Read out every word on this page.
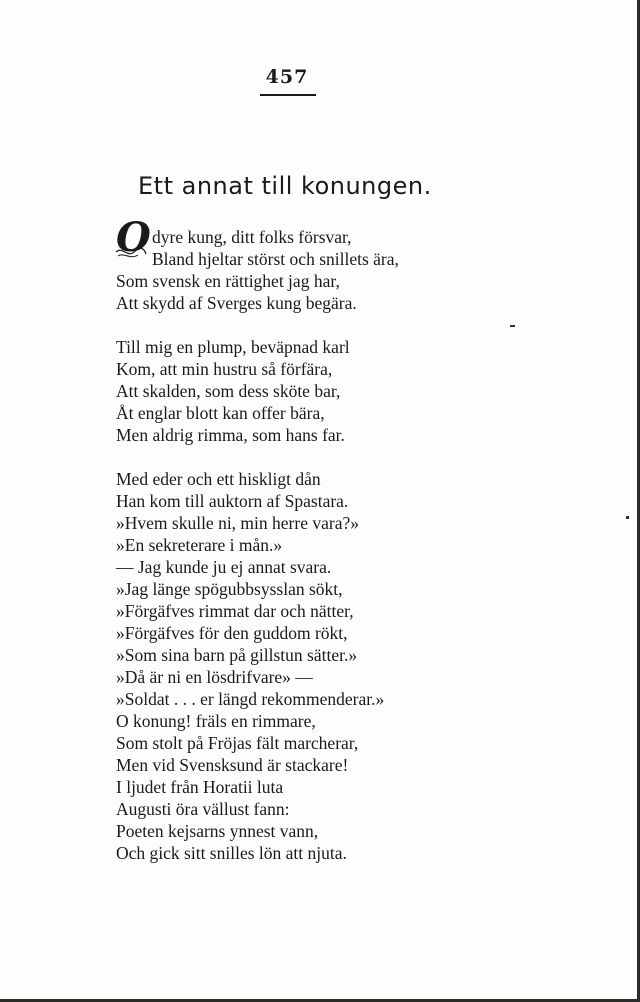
457
Ett annat till konungen.
O dyre kung, ditt folks försvar,
Bland hjeltar störst och snillets ära,
Som svensk en rättighet jag har,
Att skydd af Sverges kung begära.
Till mig en plump, beväpnad karl
Kom, att min hustru så förfära,
Att skalden, som dess sköte bar,
Åt englar blott kan offer bära,
Men aldrig rimma, som hans far.
Med eder och ett hiskligt dån
Han kom till auktorn af Spastara.
»Hvem skulle ni, min herre vara?»
»En sekreterare i mån.»
— Jag kunde ju ej annat svara.
»Jag länge spögubbsysslan sökt,
»Förgäfves rimmat dar och nätter,
»Förgäfves för den guddom rökt,
»Som sina barn på gillstun sätter.»
»Då är ni en lösdrifvare» —
»Soldat . . . er längd rekommenderar.»
O konung! fräls en rimmare,
Som stolt på Fröjas fält marcherar,
Men vid Svensksund är stackare!
I ljudet från Horatii luta
Augusti öra vällust fann:
Poeten kejsarns ynnest vann,
Och gick sitt snilles lön att njuta.
